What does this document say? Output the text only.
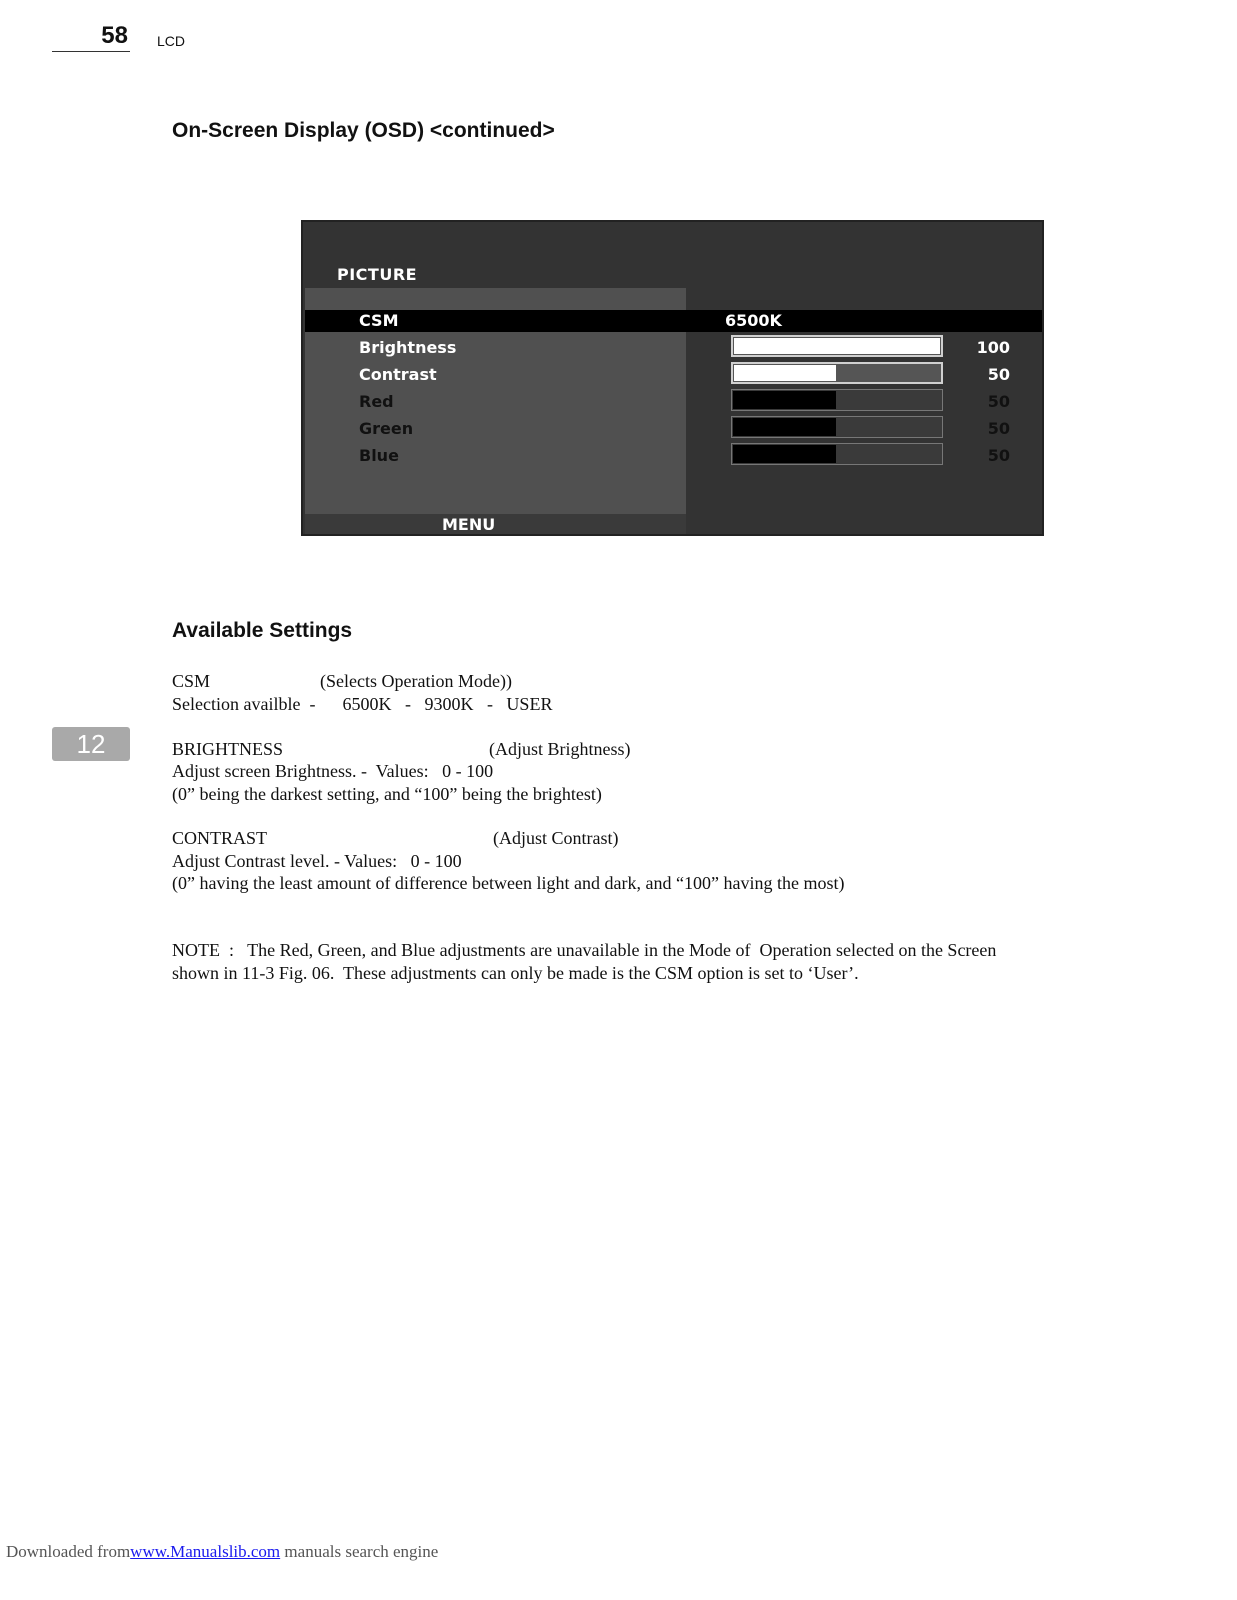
58 LCD
12
On-Screen Display (OSD) <continued>
PICTURE
CSM	6500K
Brightness	100
Contrast	50
Red	50
Green	50
Blue	50
MENU
Available Settings
CSM	(Selects Operation Mode))
Selection availble  -      6500K   -   9300K   -   USER
BRIGHTNESS	(Adjust Brightness)
Adjust screen Brightness. -  Values:   0 - 100
(0” being the darkest setting, and “100” being the brightest)
CONTRAST	(Adjust Contrast)
Adjust Contrast level. - Values:   0 - 100
(0” having the least amount of difference between light and dark, and “100” having the most)
NOTE  :   The Red, Green, and Blue adjustments are unavailable in the Mode of  Operation selected on the Screen
shown in 11-3 Fig. 06.  These adjustments can only be made is the CSM option is set to ‘User’.
Downloaded fromwww.Manualslib.com manuals search engine
